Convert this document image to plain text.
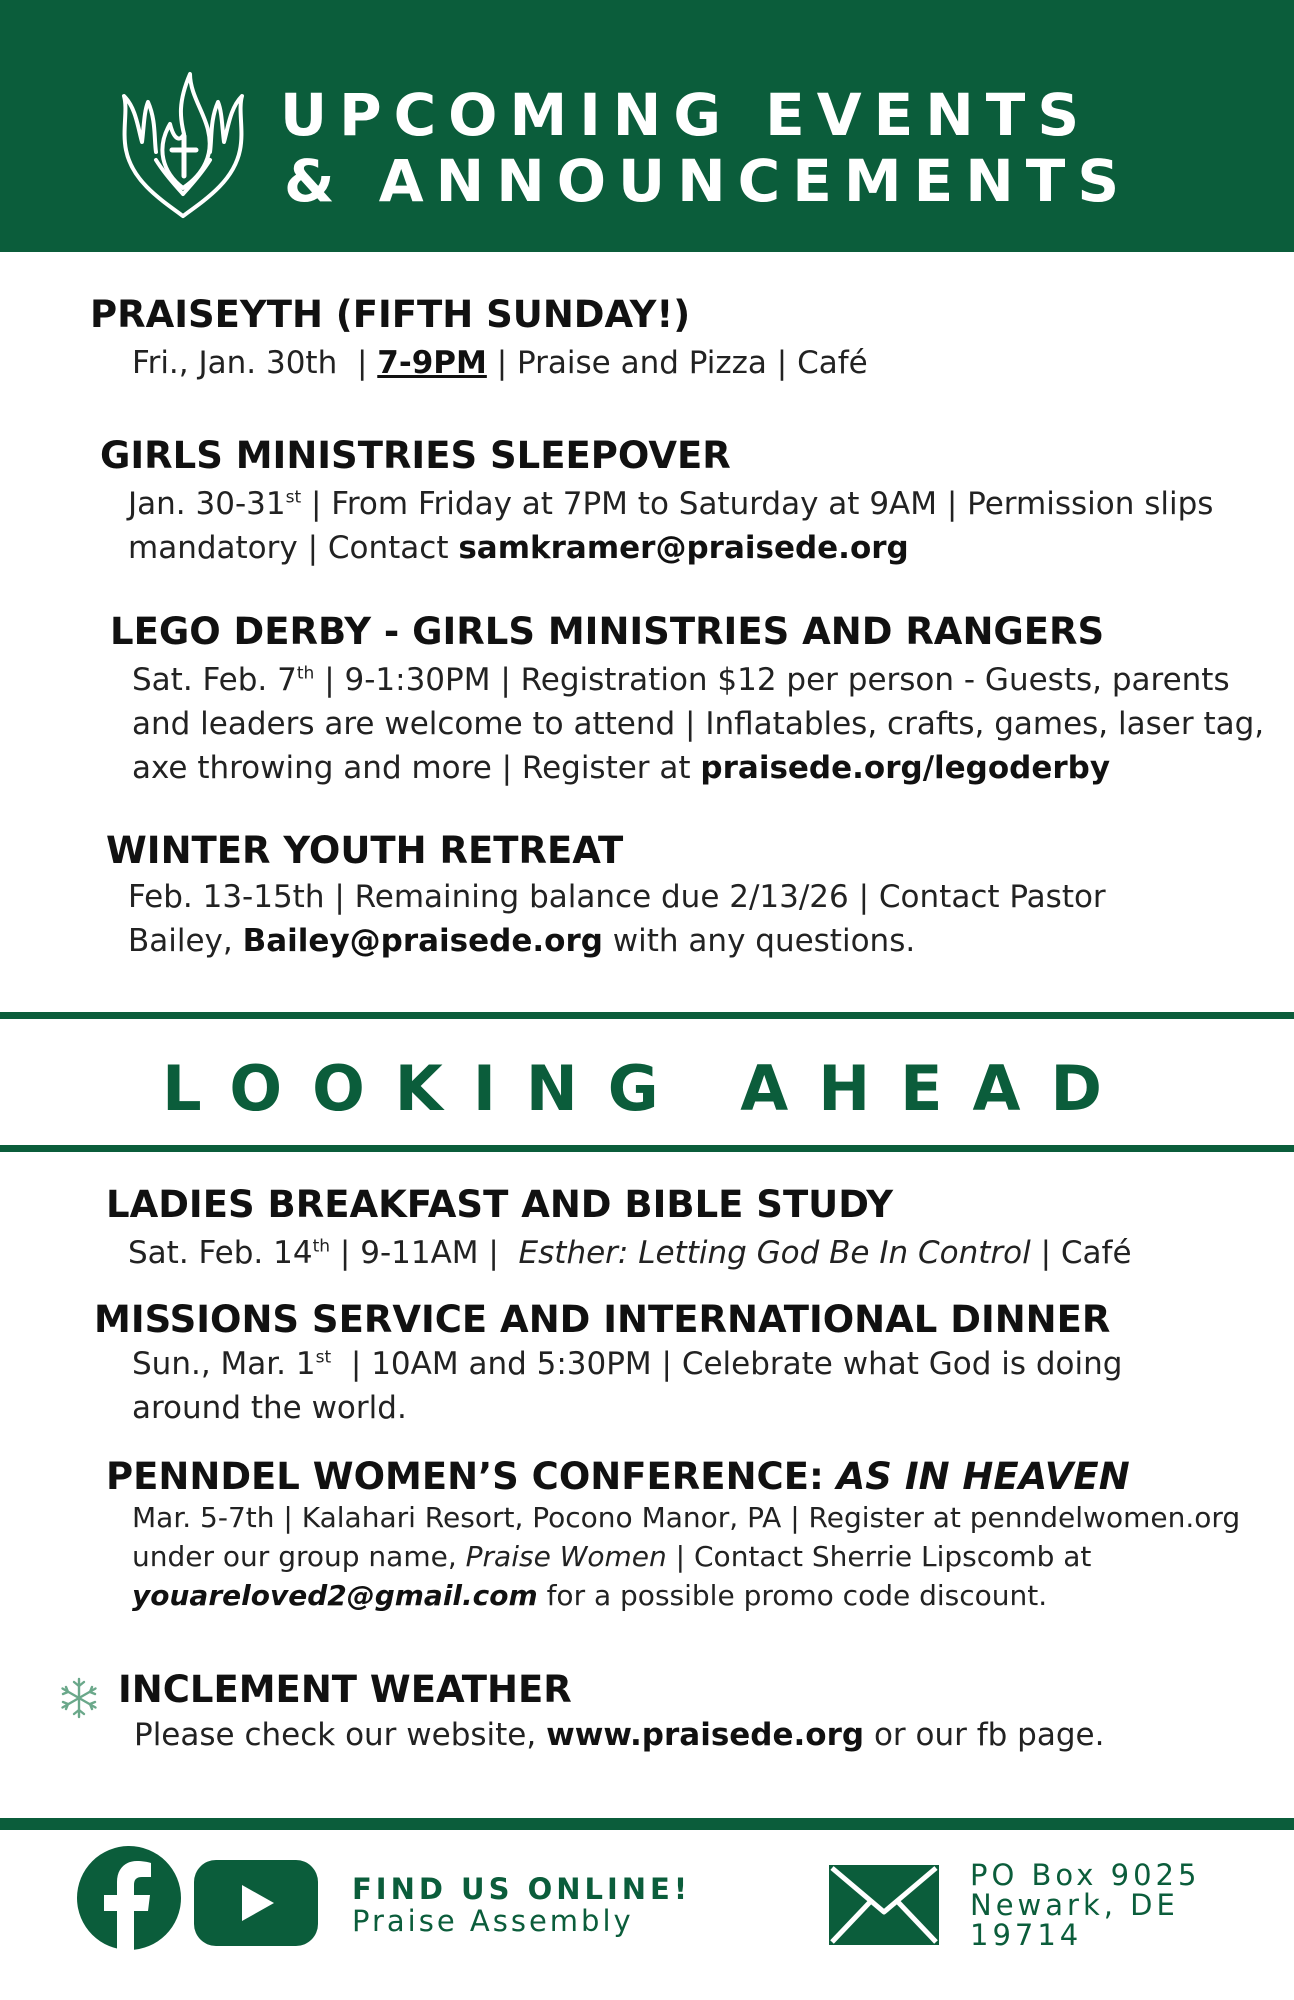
UPCOMING EVENTS
& ANNOUNCEMENTS
PRAISEYTH (FIFTH SUNDAY!)
Fri., Jan. 30th  | 7-9PM | Praise and Pizza | Café
GIRLS MINISTRIES SLEEPOVER
Jan. 30-31st | From Friday at 7PM to Saturday at 9AM | Permission slips mandatory | Contact samkramer@praisede.org
LEGO DERBY - GIRLS MINISTRIES AND RANGERS
Sat. Feb. 7th | 9-1:30PM | Registration $12 per person - Guests, parents and leaders are welcome to attend | Inflatables, crafts, games, laser tag, axe throwing and more | Register at praisede.org/legoderby
WINTER YOUTH RETREAT
Feb. 13-15th | Remaining balance due 2/13/26 | Contact Pastor Bailey, Bailey@praisede.org with any questions.
LOOKING AHEAD
LADIES BREAKFAST AND BIBLE STUDY
Sat. Feb. 14th | 9-11AM | Esther: Letting God Be In Control | Café
MISSIONS SERVICE AND INTERNATIONAL DINNER
Sun., Mar. 1st | 10AM and 5:30PM | Celebrate what God is doing around the world.
PENNDEL WOMEN’S CONFERENCE: AS IN HEAVEN
Mar. 5-7th | Kalahari Resort, Pocono Manor, PA | Register at penndelwomen.org under our group name, Praise Women | Contact Sherrie Lipscomb at youareloved2@gmail.com for a possible promo code discount.
INCLEMENT WEATHER
Please check our website, www.praisede.org or our fb page.
FIND US ONLINE!
Praise Assembly
PO Box 9025
Newark, DE
19714
